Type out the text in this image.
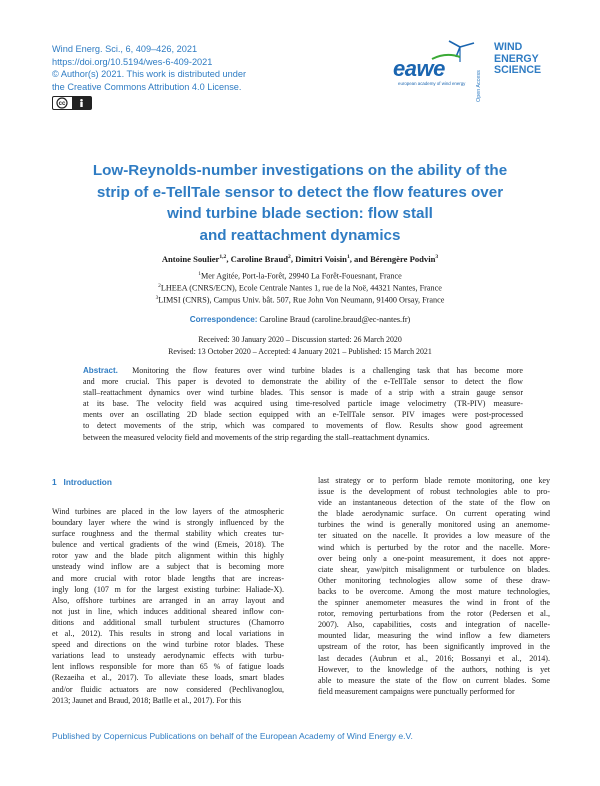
Wind Energ. Sci., 6, 409–426, 2021
https://doi.org/10.5194/wes-6-409-2021
© Author(s) 2021. This work is distributed under
the Creative Commons Attribution 4.0 License.
cc
eawe
european academy of wind energy Open Access
WIND
ENERGY
SCIENCE
Low-Reynolds-number investigations on the ability of the
strip of e-TellTale sensor to detect the flow features over
wind turbine blade section: flow stall
and reattachment dynamics
Antoine Soulier$^{1,2}$, Caroline Braud$^2$, Dimitri Voisin$^1$, and Bérengère Podvin$^3$
$^1$Mer Agitée, Port-la-Forêt, 29940 La Forêt-Fouesnant, France
$^2$LHEEA (CNRS/ECN), Ecole Centrale Nantes 1, rue de la Noë, 44321 Nantes, France
$^3$LIMSI (CNRS), Campus Univ. bât. 507, Rue John Von Neumann, 91400 Orsay, France
Correspondence: Caroline Braud (caroline.braud@ec-nantes.fr)
Received: 30 January 2020 – Discussion started: 26 March 2020
Revised: 13 October 2020 – Accepted: 4 January 2021 – Published: 15 March 2021
Abstract. Monitoring the flow features over wind turbine blades is a challenging task that has become more
and more crucial. This paper is devoted to demonstrate the ability of the e-TellTale sensor to detect the flow
stall–reattachment dynamics over wind turbine blades. This sensor is made of a strip with a strain gauge sensor
at its base. The velocity field was acquired using time-resolved particle image velocimetry (TR-PIV) measure-
ments over an oscillating 2D blade section equipped with an e-TellTale sensor. PIV images were post-processed
to detect movements of the strip, which was compared to movements of flow. Results show good agreement
between the measured velocity field and movements of the strip regarding the stall–reattachment dynamics.
1 Introduction
Wind turbines are placed in the low layers of the atmospheric
boundary layer where the wind is strongly influenced by the
surface roughness and the thermal stability which creates tur-
bulence and vertical gradients of the wind (Emeis, 2018). The
rotor yaw and the blade pitch alignment within this highly
unsteady wind inflow are a subject that is becoming more
and more crucial with rotor blade lengths that are increas-
ingly long (107 m for the largest existing turbine: Haliade-X).
Also, offshore turbines are arranged in an array layout and
not just in line, which induces additional sheared inflow con-
ditions and additional small turbulent structures (Chamorro
et al., 2012). This results in strong and local variations in
speed and directions on the wind turbine rotor blades. These
variations lead to unsteady aerodynamic effects with turbu-
lent inflows responsible for more than 65 % of fatigue loads
(Rezaeiha et al., 2017). To alleviate these loads, smart blades
and/or fluidic actuators are now considered (Pechlivanoglou,
2013; Jaunet and Braud, 2018; Batlle et al., 2017). For this
last strategy or to perform blade remote monitoring, one key
issue is the development of robust technologies able to pro-
vide an instantaneous detection of the state of the flow on
the blade aerodynamic surface. On current operating wind
turbines the wind is generally monitored using an anemome-
ter situated on the nacelle. It provides a low measure of the
wind which is perturbed by the rotor and the nacelle. More-
over being only a one-point measurement, it does not appre-
ciate shear, yaw/pitch misalignment or turbulence on blades.
Other monitoring technologies allow some of these draw-
backs to be overcome. Among the most mature technologies,
the spinner anemometer measures the wind in front of the
rotor, removing perturbations from the rotor (Pedersen et al.,
2007). Also, capabilities, costs and integration of nacelle-
mounted lidar, measuring the wind inflow a few diameters
upstream of the rotor, has been significantly improved in the
last decades (Aubrun et al., 2016; Bossanyi et al., 2014).
However, to the knowledge of the authors, nothing is yet
able to measure the state of the flow on current blades. Some
field measurement campaigns were punctually performed for
Published by Copernicus Publications on behalf of the European Academy of Wind Energy e.V.
